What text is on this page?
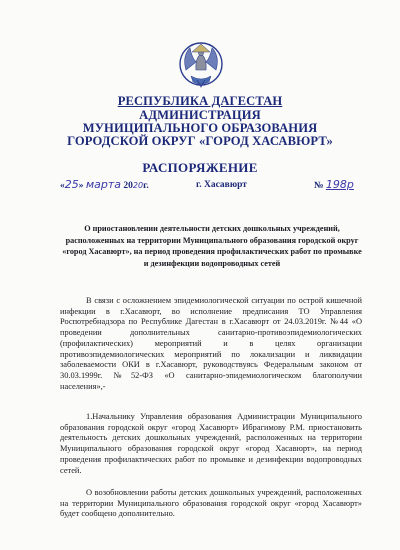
РЕСПУБЛИКА ДАГЕСТАН
АДМИНИСТРАЦИЯ
МУНИЦИПАЛЬНОГО ОБРАЗОВАНИЯ
ГОРОДСКОЙ ОКРУГ «ГОРОД ХАСАВЮРТ»
РАСПОРЯЖЕНИЕ
«25» марта 2020г.	г. Хасавюрт	№ 198р
О приостановлении деятельности детских дошкольных учреждений, расположенных на территории Муниципального образования городской округ «город Хасавюрт», на период проведения профилактических работ по промывке и дезинфекции водопроводных сетей
В связи с осложнением эпидемиологической ситуации по острой кишечной инфекции в г.Хасавюрт, во исполнение предписания ТО Управления Роспотребнадзора по Республике Дагестан в г.Хасавюрт от 24.03.2019г. №44 «О проведении дополнительных санитарно-противоэпидемиологических (профилактических) мероприятий и в целях организации противоэпидемиологических мероприятий по локализации и ликвидации заболеваемости ОКИ в г.Хасавюрт, руководствуясь Федеральным законом от 30.03.1999г. №52-ФЗ «О санитарно-эпидемиологическом благополучии населения»,-
1.Начальнику Управления образования Администрации Муниципального образования городской округ «город Хасавюрт» Ибрагимову Р.М. приостановить деятельность детских дошкольных учреждений, расположенных на территории Муниципального образования городской округ «город Хасавюрт», на период проведения профилактических работ по промывке и дезинфекции водопроводных сетей.
О возобновлении работы детских дошкольных учреждений, расположенных на территории Муниципального образования городской округ «город Хасавюрт» будет сообщено дополнительно.
